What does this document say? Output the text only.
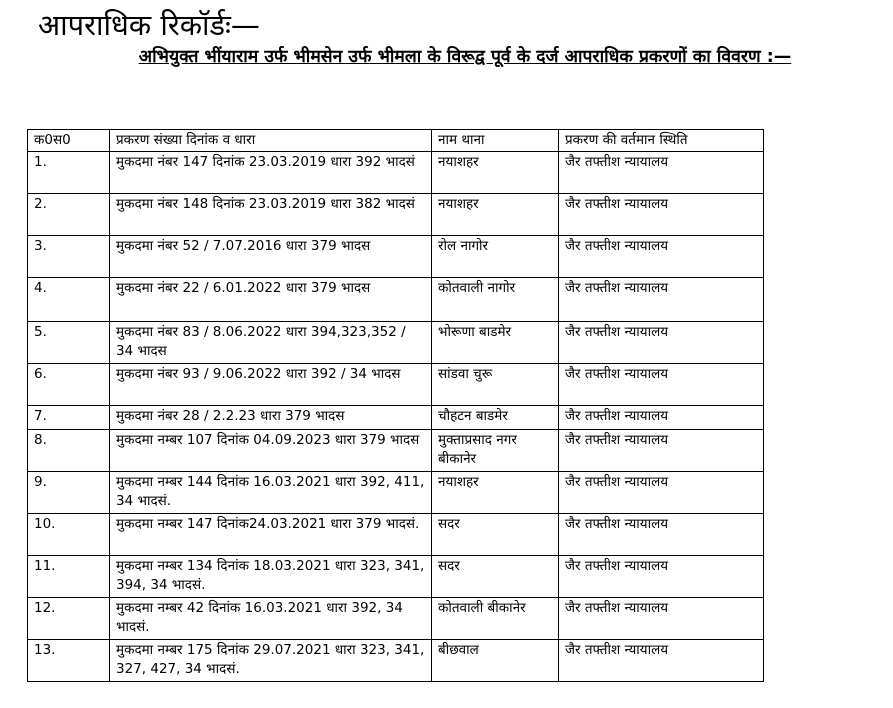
आपराधिक रिकॉर्डः—
अभियुक्त भींयाराम उर्फ भीमसेन उर्फ भीमला के विरूद्व पूर्व के दर्ज आपराधिक प्रकरणों का विवरण :—
क0स0	प्रकरण संख्या दिनांक व धारा	नाम थाना	प्रकरण की वर्तमान स्थिति
1.	मुकदमा नंबर 147 दिनांक 23.03.2019 धारा 392 भादसं	नयाशहर	जैर तफ्तीश न्यायालय
2.	मुकदमा नंबर 148 दिनांक 23.03.2019 धारा 382 भादसं	नयाशहर	जैर तफ्तीश न्यायालय
3.	मुकदमा नंबर 52 / 7.07.2016 धारा 379 भादस	रोल नागोर	जैर तफ्तीश न्यायालय
4.	मुकदमा नंबर 22 / 6.01.2022 धारा 379 भादस	कोतवाली नागोर	जैर तफ्तीश न्यायालय
5.	मुकदमा नंबर 83 / 8.06.2022 धारा 394,323,352 / 34 भादस	भोरूणा बाडमेर	जैर तफ्तीश न्यायालय
6.	मुकदमा नंबर 93 / 9.06.2022 धारा 392 / 34 भादस	सांडवा चुरू	जैर तफ्तीश न्यायालय
7.	मुकदमा नंबर 28 / 2.2.23 धारा 379 भादस	चौहटन बाडमेर	जैर तफ्तीश न्यायालय
8.	मुकदमा नम्बर 107 दिनांक 04.09.2023 धारा 379 भादस	मुक्ताप्रसाद नगर बीकानेर	जैर तफ्तीश न्यायालय
9.	मुकदमा नम्बर 144 दिनांक 16.03.2021 धारा 392, 411, 34 भादसं.	नयाशहर	जैर तफ्तीश न्यायालय
10.	मुकदमा नम्बर 147 दिनांक24.03.2021 धारा 379 भादसं.	सदर	जैर तफ्तीश न्यायालय
11.	मुकदमा नम्बर 134 दिनांक 18.03.2021 धारा 323, 341, 394, 34 भादसं.	सदर	जैर तफ्तीश न्यायालय
12.	मुकदमा नम्बर 42 दिनांक 16.03.2021 धारा 392, 34 भादसं.	कोतवाली बीकानेर	जैर तफ्तीश न्यायालय
13.	मुकदमा नम्बर 175 दिनांक 29.07.2021 धारा 323, 341, 327, 427, 34 भादसं.	बीछवाल	जैर तफ्तीश न्यायालय
